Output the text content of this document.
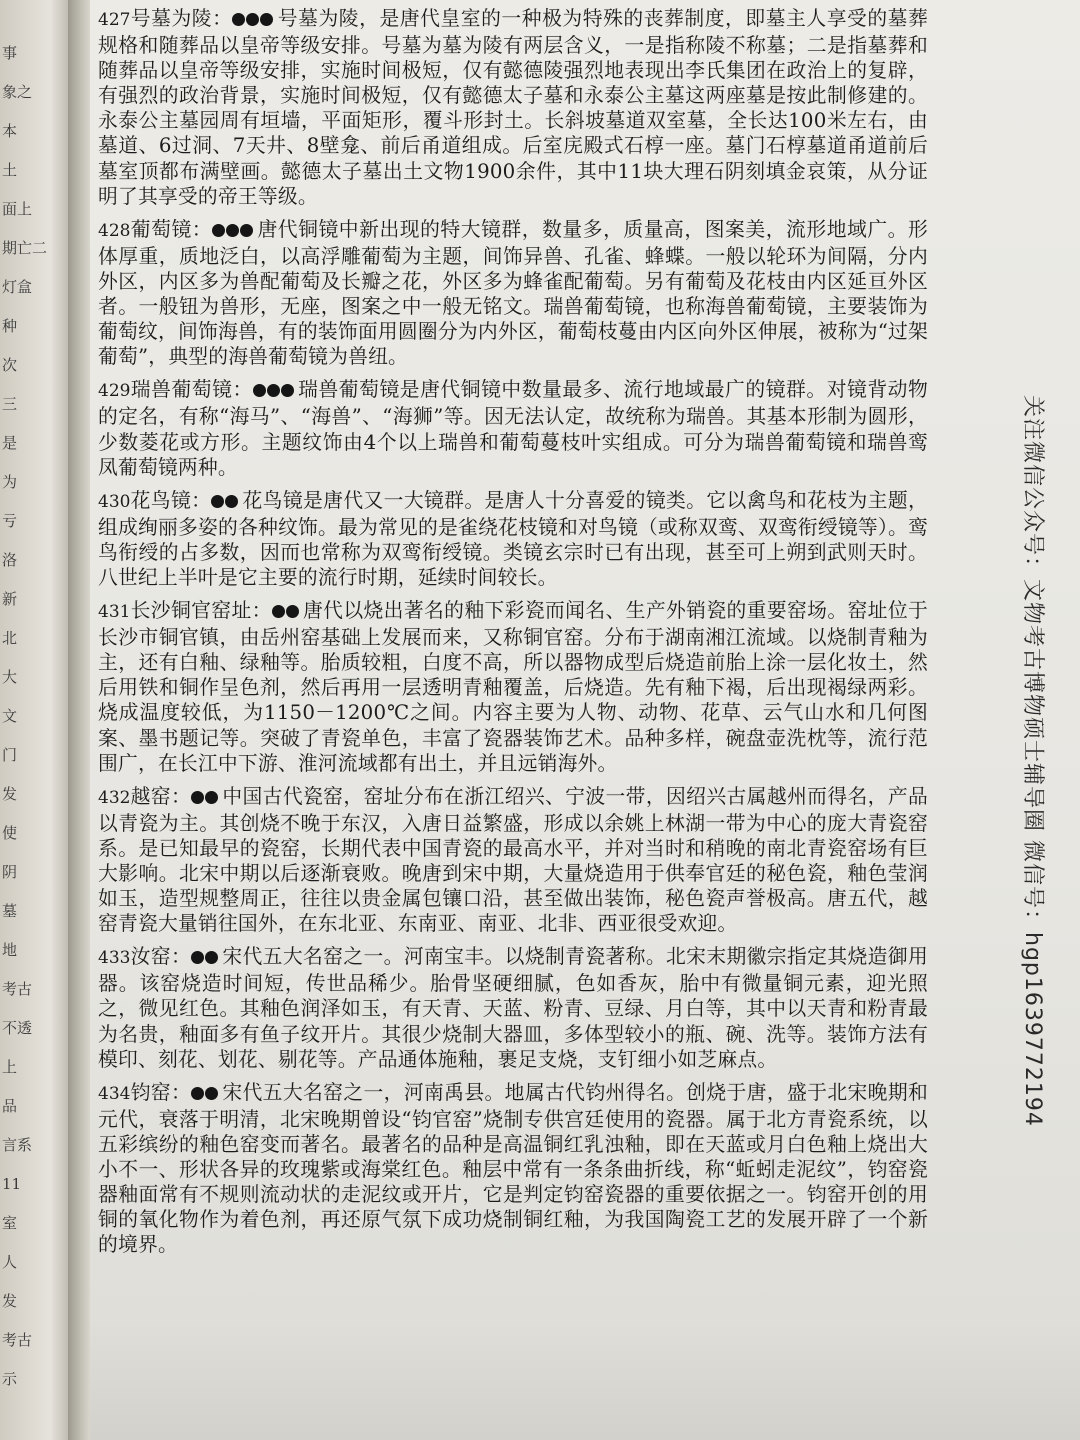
事
象之
本
土
面上
期亡二
灯盒
种
次
三
是
为
亏
洛
新
北
大
文
门
发
使
阴
墓
地
考古
不透
上
品
言系
11
室
人
发
考古
示

427号墓为陵： 号墓为陵，是唐代皇室的一种极为特殊的丧葬制度，即墓主人享受的墓葬规格和随葬品以皇帝等级安排。号墓为墓为陵有两层含义，一是指称陵不称墓；二是指墓葬和随葬品以皇帝等级安排，实施时间极短，仅有懿德陵强烈地表现出李氏集团在政治上的复辟，有强烈的政治背景，实施时间极短，仅有懿德太子墓和永泰公主墓这两座墓是按此制修建的。永泰公主墓园周有垣墙，平面矩形，覆斗形封土。长斜坡墓道双室墓，全长达100米左右，由墓道、6过洞、7天井、8壁龛、前后甬道组成。后室庑殿式石椁一座。墓门石椁墓道甬道前后墓室顶都布满壁画。懿德太子墓出土文物1900余件，其中11块大理石阴刻填金哀策，从分证明了其享受的帝王等级。

428葡萄镜： 唐代铜镜中新出现的特大镜群，数量多，质量高，图案美，流形地域广。形体厚重，质地泛白，以高浮雕葡萄为主题，间饰异兽、孔雀、蜂蝶。一般以轮环为间隔，分内外区，内区多为兽配葡萄及长瓣之花，外区多为蜂雀配葡萄。另有葡萄及花枝由内区延亘外区者。一般钮为兽形，无座，图案之中一般无铭文。瑞兽葡萄镜，也称海兽葡萄镜，主要装饰为葡萄纹，间饰海兽，有的装饰面用圆圈分为内外区，葡萄枝蔓由内区向外区伸展，被称为“过架葡萄”，典型的海兽葡萄镜为兽纽。

429瑞兽葡萄镜： 瑞兽葡萄镜是唐代铜镜中数量最多、流行地域最广的镜群。对镜背动物的定名，有称“海马”、“海兽”、“海狮”等。因无法认定，故统称为瑞兽。其基本形制为圆形，少数菱花或方形。主题纹饰由4个以上瑞兽和葡萄蔓枝叶实组成。可分为瑞兽葡萄镜和瑞兽鸾凤葡萄镜两种。

430花鸟镜： 花鸟镜是唐代又一大镜群。是唐人十分喜爱的镜类。它以禽鸟和花枝为主题，组成绚丽多姿的各种纹饰。最为常见的是雀绕花枝镜和对鸟镜（或称双鸾、双鸾衔绶镜等）。鸾鸟衔绶的占多数，因而也常称为双鸾衔绶镜。类镜玄宗时已有出现，甚至可上朔到武则天时。八世纪上半叶是它主要的流行时期，延续时间较长。

431长沙铜官窑址： 唐代以烧出著名的釉下彩瓷而闻名、生产外销瓷的重要窑场。窑址位于长沙市铜官镇，由岳州窑基础上发展而来，又称铜官窑。分布于湖南湘江流域。以烧制青釉为主，还有白釉、绿釉等。胎质较粗，白度不高，所以器物成型后烧造前胎上涂一层化妆土，然后用铁和铜作呈色剂，然后再用一层透明青釉覆盖，后烧造。先有釉下褐，后出现褐绿两彩。烧成温度较低，为1150－1200℃之间。内容主要为人物、动物、花草、云气山水和几何图案、墨书题记等。突破了青瓷单色，丰富了瓷器装饰艺术。品种多样，碗盘壶洗枕等，流行范围广，在长江中下游、淮河流域都有出土，并且远销海外。

432越窑： 中国古代瓷窑，窑址分布在浙江绍兴、宁波一带，因绍兴古属越州而得名，产品以青瓷为主。其创烧不晚于东汉，入唐日益繁盛，形成以余姚上林湖一带为中心的庞大青瓷窑系。是已知最早的瓷窑，长期代表中国青瓷的最高水平，并对当时和稍晚的南北青瓷窑场有巨大影响。北宋中期以后逐渐衰败。晚唐到宋中期，大量烧造用于供奉官廷的秘色瓷，釉色莹润如玉，造型规整周正，往往以贵金属包镶口沿，甚至做出装饰，秘色瓷声誉极高。唐五代，越窑青瓷大量销往国外，在东北亚、东南亚、南亚、北非、西亚很受欢迎。

433汝窑： 宋代五大名窑之一。河南宝丰。以烧制青瓷著称。北宋末期徽宗指定其烧造御用器。该窑烧造时间短，传世品稀少。胎骨坚硬细腻，色如香灰，胎中有微量铜元素，迎光照之，微见红色。其釉色润泽如玉，有天青、天蓝、粉青、豆绿、月白等，其中以天青和粉青最为名贵，釉面多有鱼子纹开片。其很少烧制大器皿，多体型较小的瓶、碗、洗等。装饰方法有模印、刻花、划花、剔花等。产品通体施釉，裹足支烧，支钉细小如芝麻点。

434钧窑： 宋代五大名窑之一，河南禹县。地属古代钧州得名。创烧于唐，盛于北宋晚期和元代，衰落于明清，北宋晚期曾设“钧官窑”烧制专供宫廷使用的瓷器。属于北方青瓷系统，以五彩缤纷的釉色窑变而著名。最著名的品种是高温铜红乳浊釉，即在天蓝或月白色釉上烧出大小不一、形状各异的玫瑰紫或海棠红色。釉层中常有一条条曲折线，称“蚯蚓走泥纹”，钧窑瓷器釉面常有不规则流动状的走泥纹或开片，它是判定钧窑瓷器的重要依据之一。钧窑开创的用铜的氧化物作为着色剂，再还原气氛下成功烧制铜红釉，为我国陶瓷工艺的发展开辟了一个新的境界。

关注微信公众号：文物考古博物硕士辅导圈 微信号：hgp1639772194
